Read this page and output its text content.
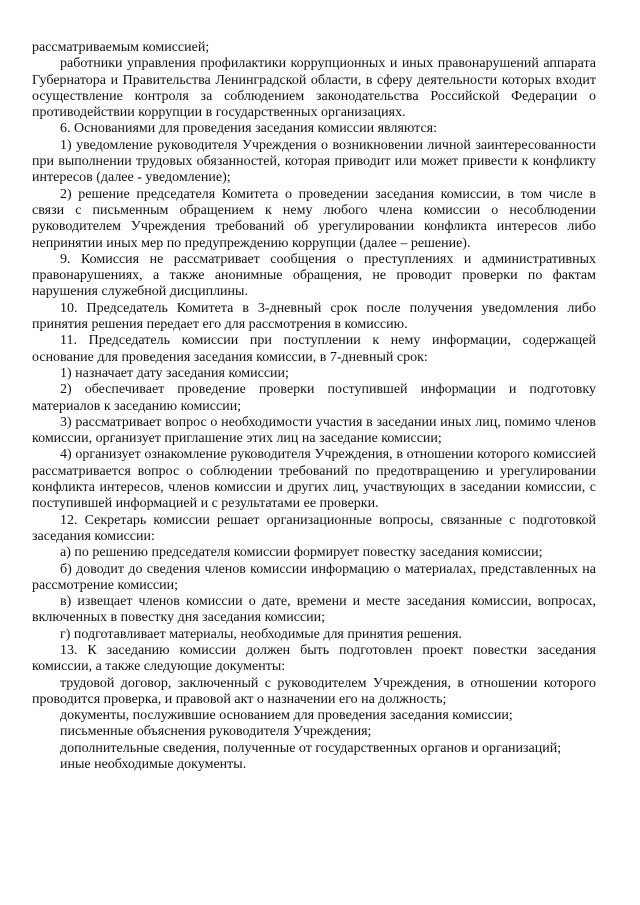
рассматриваемым комиссией;

работники управления профилактики коррупционных и иных правонарушений аппарата Губернатора и Правительства Ленинградской области, в сферу деятельности которых входит осуществление контроля за соблюдением законодательства Российской Федерации о противодействии коррупции в государственных организациях.

6. Основаниями для проведения заседания комиссии являются:

1) уведомление руководителя Учреждения о возникновении личной заинтересованности при выполнении трудовых обязанностей, которая приводит или может привести к конфликту интересов (далее - уведомление);

2) решение председателя Комитета о проведении заседания комиссии, в том числе в связи с письменным обращением к нему любого члена комиссии о несоблюдении руководителем Учреждения требований об урегулировании конфликта интересов либо непринятии иных мер по предупреждению коррупции (далее – решение).

9. Комиссия не рассматривает сообщения о преступлениях и административных правонарушениях, а также анонимные обращения, не проводит проверки по фактам нарушения служебной дисциплины.

10. Председатель Комитета в 3-дневный срок после получения уведомления либо принятия решения передает его для рассмотрения в комиссию.

11. Председатель комиссии при поступлении к нему информации, содержащей основание для проведения заседания комиссии, в 7-дневный срок:

1) назначает дату заседания комиссии;

2) обеспечивает проведение проверки поступившей информации и подготовку материалов к заседанию комиссии;

3) рассматривает вопрос о необходимости участия в заседании иных лиц, помимо членов комиссии, организует приглашение этих лиц на заседание комиссии;

4) организует ознакомление руководителя Учреждения, в отношении которого комиссией рассматривается вопрос о соблюдении требований по предотвращению и урегулировании конфликта интересов, членов комиссии и других лиц, участвующих в заседании комиссии, с поступившей информацией и с результатами ее проверки.

12. Секретарь комиссии решает организационные вопросы, связанные с подготовкой заседания комиссии:

а) по решению председателя комиссии формирует повестку заседания комиссии;

б) доводит до сведения членов комиссии информацию о материалах, представленных на рассмотрение комиссии;

в) извещает членов комиссии о дате, времени и месте заседания комиссии, вопросах, включенных в повестку дня заседания комиссии;

г) подготавливает материалы, необходимые для принятия решения.

13. К заседанию комиссии должен быть подготовлен проект повестки заседания комиссии, а также следующие документы:

трудовой договор, заключенный с руководителем Учреждения, в отношении которого проводится проверка, и правовой акт о назначении его на должность;

документы, послужившие основанием для проведения заседания комиссии;

письменные объяснения руководителя Учреждения;

дополнительные сведения, полученные от государственных органов и организаций;

иные необходимые документы.
